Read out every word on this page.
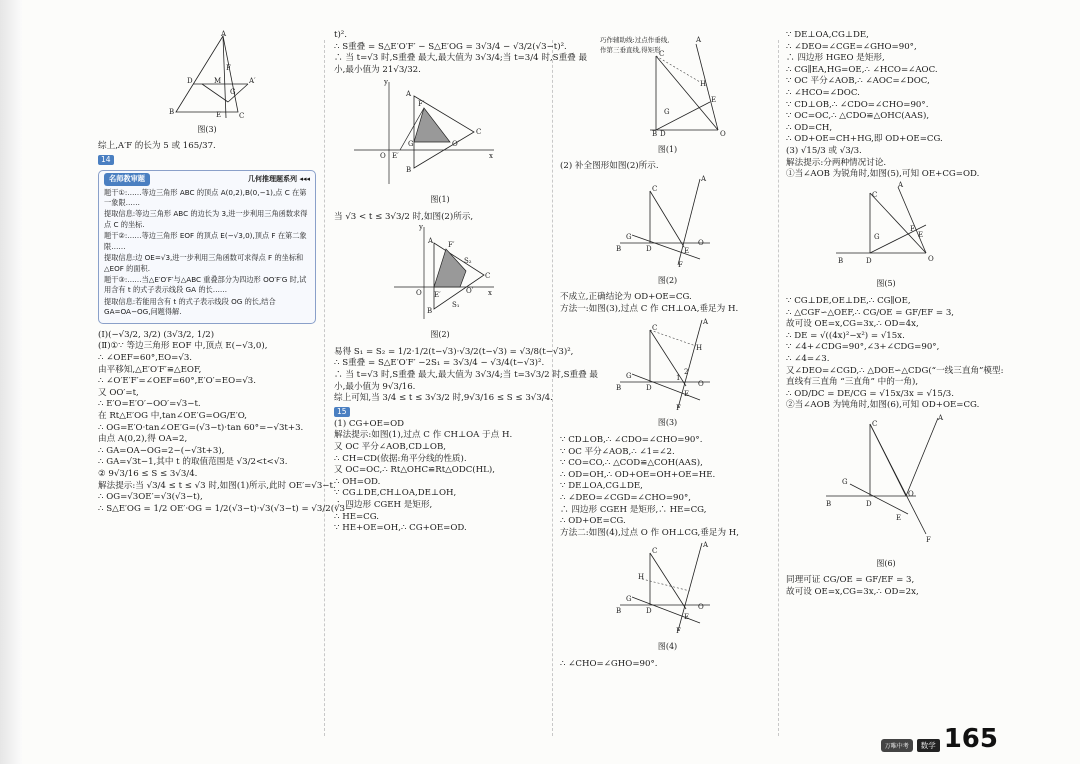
A
B	C
D	M	A′
F
E
G
图(3)
综上,A′F 的长为 5 或 165/37.
14
名师教审题	几何推理题系列 ◂◂◂

题干①:……等边三角形 ABC 的顶点 A(0,2),B(0,−1),点 C 在第一象限……

提取信息:等边三角形 ABC 的边长为 3,进一步利用三角函数求得点 C 的坐标.

题干②:……等边三角形 EOF 的顶点 E(−√3,0),顶点 F 在第二象限……

提取信息:边 OE=√3,进一步利用三角函数可求得点 F 的坐标和△EOF 的面积.

题干③:……当△E′O′F′与△ABC 重叠部分为四边形 OO′F′G 时,试用含有 t 的式子表示线段 GA 的长……

提取信息:若能用含有 t 的式子表示线段 OG 的长,结合 GA=OA−OG,问题得解.

(Ⅰ)(−√3/2, 3/2) (3√3/2, 1/2)
(Ⅱ)①∵ 等边三角形 EOF 中,顶点 E(−√3,0),
∴ ∠OEF=60°,EO=√3.
由平移知,△E′O′F′≌△EOF,
∴ ∠O′E′F′=∠OEF=60°,E′O′=EO=√3.
又 OO′=t,
∴ E′O=E′O′−OO′=√3−t.
在 Rt△E′OG 中,tan∠OE′G=OG/E′O,
∴ OG=E′O·tan∠OE′G=(√3−t)·tan 60°=−√3t+3.
由点 A(0,2),得 OA=2,
∴ GA=OA−OG=2−(−√3t+3),
∴ GA=√3t−1,其中 t 的取值范围是 √3/2<t<√3.
② 9√3/16 ≤ S ≤ 3√3/4.
解法提示:当 √3/4 ≤ t ≤ √3 时,如图(1)所示,此时 OE′=√3−t.
∴ OG=√3OE′=√3(√3−t),
∴ S△E′OG = 1/2 OE′·OG = 1/2(√3−t)·√3(√3−t) = √3/2(√3−
t)².
∴ S重叠 = S△E′O′F′ − S△E′OG = 3√3/4 − √3/2(√3−t)².
∴ 当 t=√3 时,S重叠 最大,最大值为 3√3/4;当 t=3/4 时,S重叠 最
小,最小值为 21√3/32.
y
x
A
B
C
F′
E′
O
O′
G
图(1)
当 √3 < t ≤ 3√3/2 时,如图(2)所示,
y
x
A F′
S₂
O E′	O′
S₁
B
C
图(2)
易得 S₁ = S₂ = 1/2·1/2(t−√3)·√3/2(t−√3) = √3/8(t−√3)²,
∴ S重叠 = S△E′O′F′ −2S₁ = 3√3/4 − √3/4(t−√3)².
∴ 当 t=√3 时,S重叠 最大,最大值为 3√3/4;当 t=3√3/2 时,S重叠 最
小,最小值为 9√3/16.
综上可知,当 3/4 ≤ t ≤ 3√3/2 时,9√3/16 ≤ S ≤ 3√3/4.
15
(1) CG+OE=OD
解法提示:如图(1),过点 C 作 CH⊥OA 于点 H.
又 OC 平分∠AOB,CD⊥OB,
∴ CH=CD(依据:角平分线的性质).
又 OC=OC,∴ Rt△OHC≌Rt△ODC(HL),
∴ OH=OD.
∵ CG⊥DE,CH⊥OA,DE⊥OH,
∴ 四边形 CGEH 是矩形,
∴ HE=CG.
∵ HE+OE=OH,∴ CG+OE=OD.
巧作辅助线:过点作垂线,
作第三垂直线,得矩形
A
H
E
B D	O
C
G
图(1)
(2) 补全图形如图(2)所示.
A
C
G
B	D	E
O
F
图(2)
不成立,正确结论为 OD+OE=CG.
方法一:如图(3),过点 C 作 CH⊥OA,垂足为 H.
A
C
H
G
B	D
2
1
O
E
F
图(3)
∵ CD⊥OB,∴ ∠CDO=∠CHO=90°.
∵ OC 平分∠AOB,∴ ∠1=∠2.
∵ CO=CO,∴ △COD≌△COH(AAS),
∴ OD=OH,∴ OD+OE=OH+OE=HE.
∵ DE⊥OA,CG⊥DE,
∴ ∠DEO=∠CGD=∠CHO=90°,
∴ 四边形 CGEH 是矩形,∴ HE=CG,
∴ OD+OE=CG.
方法二:如图(4),过点 O 作 OH⊥CG,垂足为 H,
A
C
H
G
B	D	O
E
F
图(4)
∴ ∠CHO=∠GHO=90°.
∵ DE⊥OA,CG⊥DE,
∴ ∠DEO=∠CGE=∠GHO=90°,
∴ 四边形 HGEO 是矩形,
∴ CG∥EA,HG=OE,∴ ∠HCO=∠AOC.
∵ OC 平分∠AOB,∴ ∠AOC=∠DOC,
∴ ∠HCO=∠DOC.
∵ CD⊥OB,∴ ∠CDO=∠CHO=90°.
∵ OC=OC,∴ △CDO≌△OHC(AAS),
∴ OD=CH,
∴ OD+OE=CH+HG,即 OD+OE=CG.
(3) √15/3 或 √3/3.
解法提示:分两种情况讨论.
①当∠AOB 为锐角时,如图(5),可知 OE+CG=OD.
A
C
G
F
E
B	D	O
图(5)
∵ CG⊥DE,OE⊥DE,∴ CG∥OE,
∴ △CGF∽△OEF,∴ CG/OE = GF/EF = 3,
故可设 OE=x,CG=3x,∴ OD=4x,
∴ DE = √((4x)²−x²) = √15x.
∵ ∠4+∠CDG=90°,∠3+∠CDG=90°,
∴ ∠4=∠3.
又∠DEO=∠CGD,∴ △DOE∽△CDG(“一线三直角”模型:
直线有三直角 “三直角” 中的一角),
∴ OD/DC = DE/CG = √15x/3x = √15/3.
②当∠AOB 为钝角时,如图(6),可知 OD+OE=CG.
A
C
G
B	D
O
E
F
图(6)
同理可证 CG/OE = GF/EF = 3,
故可设 OE=x,CG=3x,∴ OD=2x,
万唯中考	数学 165
